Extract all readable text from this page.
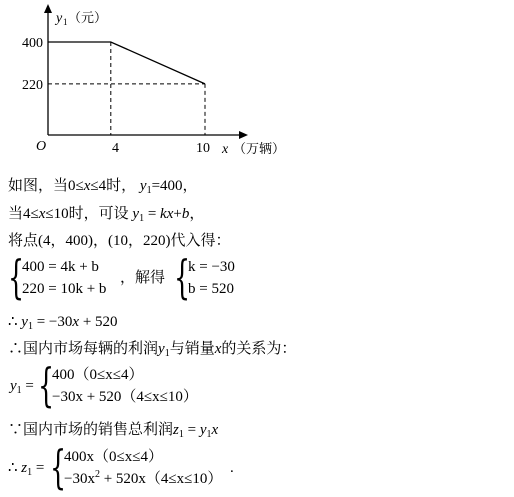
y 1 （元）
O	x （万辆）
400
220
4	10
如图，当0≤x≤4时， $y_1=400$，
当4≤x≤10时，可设 $y_1 = kx+b$，
将点(4，400)，(10，220)代入得：
{
400 = 4k + b
220 = 10k + b
，解得 {
k = −30
b = 520
∴ $y_1 = -30x + 520$
∴国内市场每辆的利润$y_1$与销量x的关系为：
$y_1$ = {
400（0≤x≤4）
−30x + 520（4≤x≤10）
∵国内市场的销售总利润$z_1 = y_1x$
∴ $z_1$ = {
400x（0≤x≤4）
$-30x^2 + 520x(4\le x\le 10)$
.
